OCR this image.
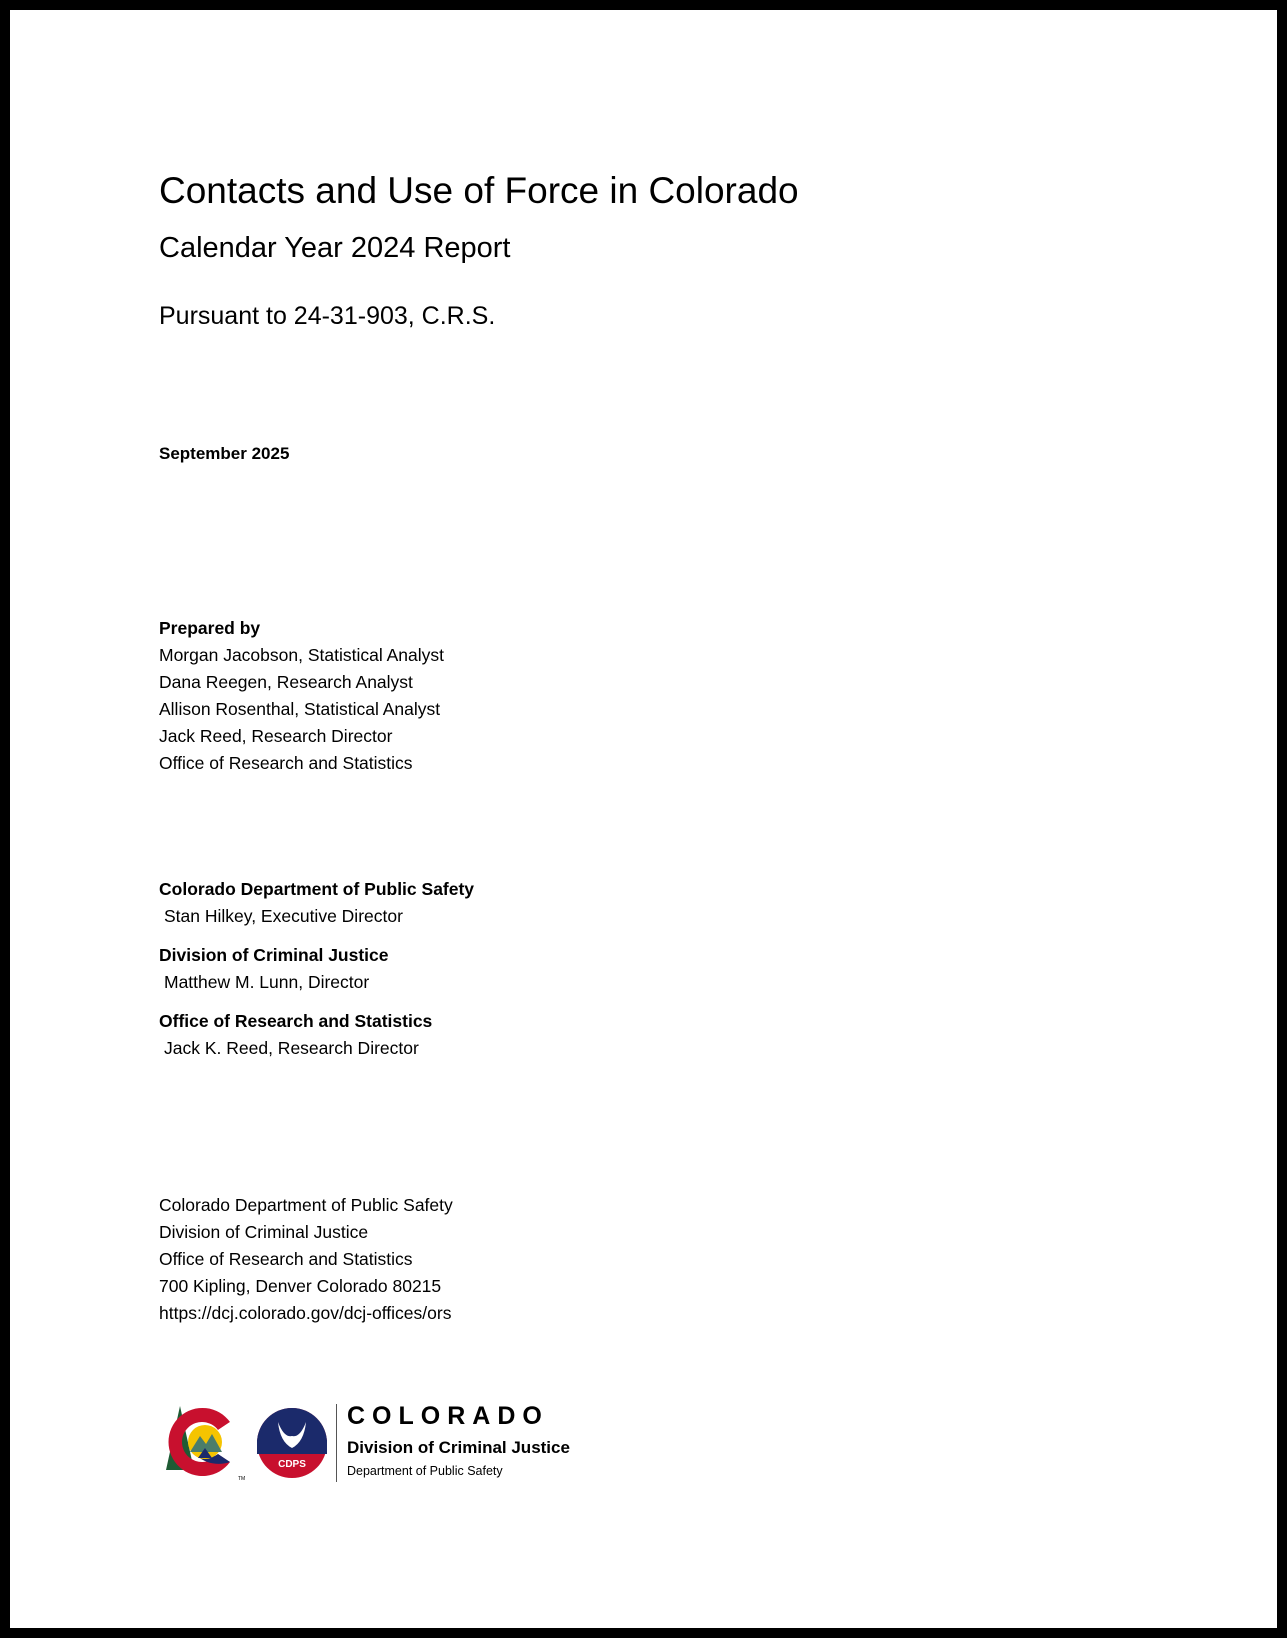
Contacts and Use of Force in Colorado
Calendar Year 2024 Report
Pursuant to 24-31-903, C.R.S.
September 2025
Prepared by
Morgan Jacobson, Statistical Analyst
Dana Reegen, Research Analyst
Allison Rosenthal, Statistical Analyst
Jack Reed, Research Director
Office of Research and Statistics
Colorado Department of Public Safety
Stan Hilkey, Executive Director
Division of Criminal Justice
Matthew M. Lunn, Director
Office of Research and Statistics
Jack K. Reed, Research Director
Colorado Department of Public Safety
Division of Criminal Justice
Office of Research and Statistics
700 Kipling, Denver Colorado 80215
https://dcj.colorado.gov/dcj-offices/ors
CDPS
TM
COLORADO
Division of Criminal Justice
Department of Public Safety
